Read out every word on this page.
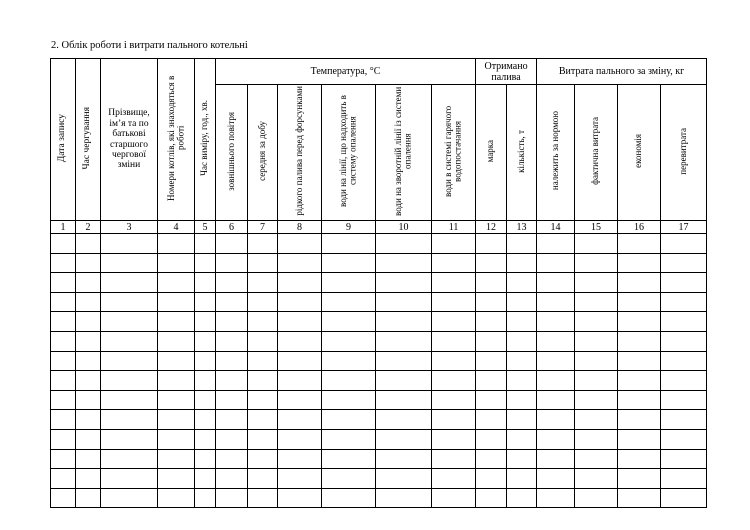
2. Облік роботи і витрати пального котельні
Дата запису	Час чергування	Прізвище, ім’я та по батькові старшого чергової зміни	Номери котлів, які знаходяться в роботі	Час виміру, год., хв.	Температура, °С						Отримано палива		Витрата пального за зміну, кг			
					зовнішнього повітря	середня за добу	рідкого палива перед форсунками	води на лінії, що надходить в систему опалення	води на зворотній лінії із системи опалення	води в системі гарячого водопостачання	марка	кількість, т	належить за нормою	фактична витрата	економія	перевитрата
1	2	3	4	5	6	7	8	9	10	11	12	13	14	15	16	17
